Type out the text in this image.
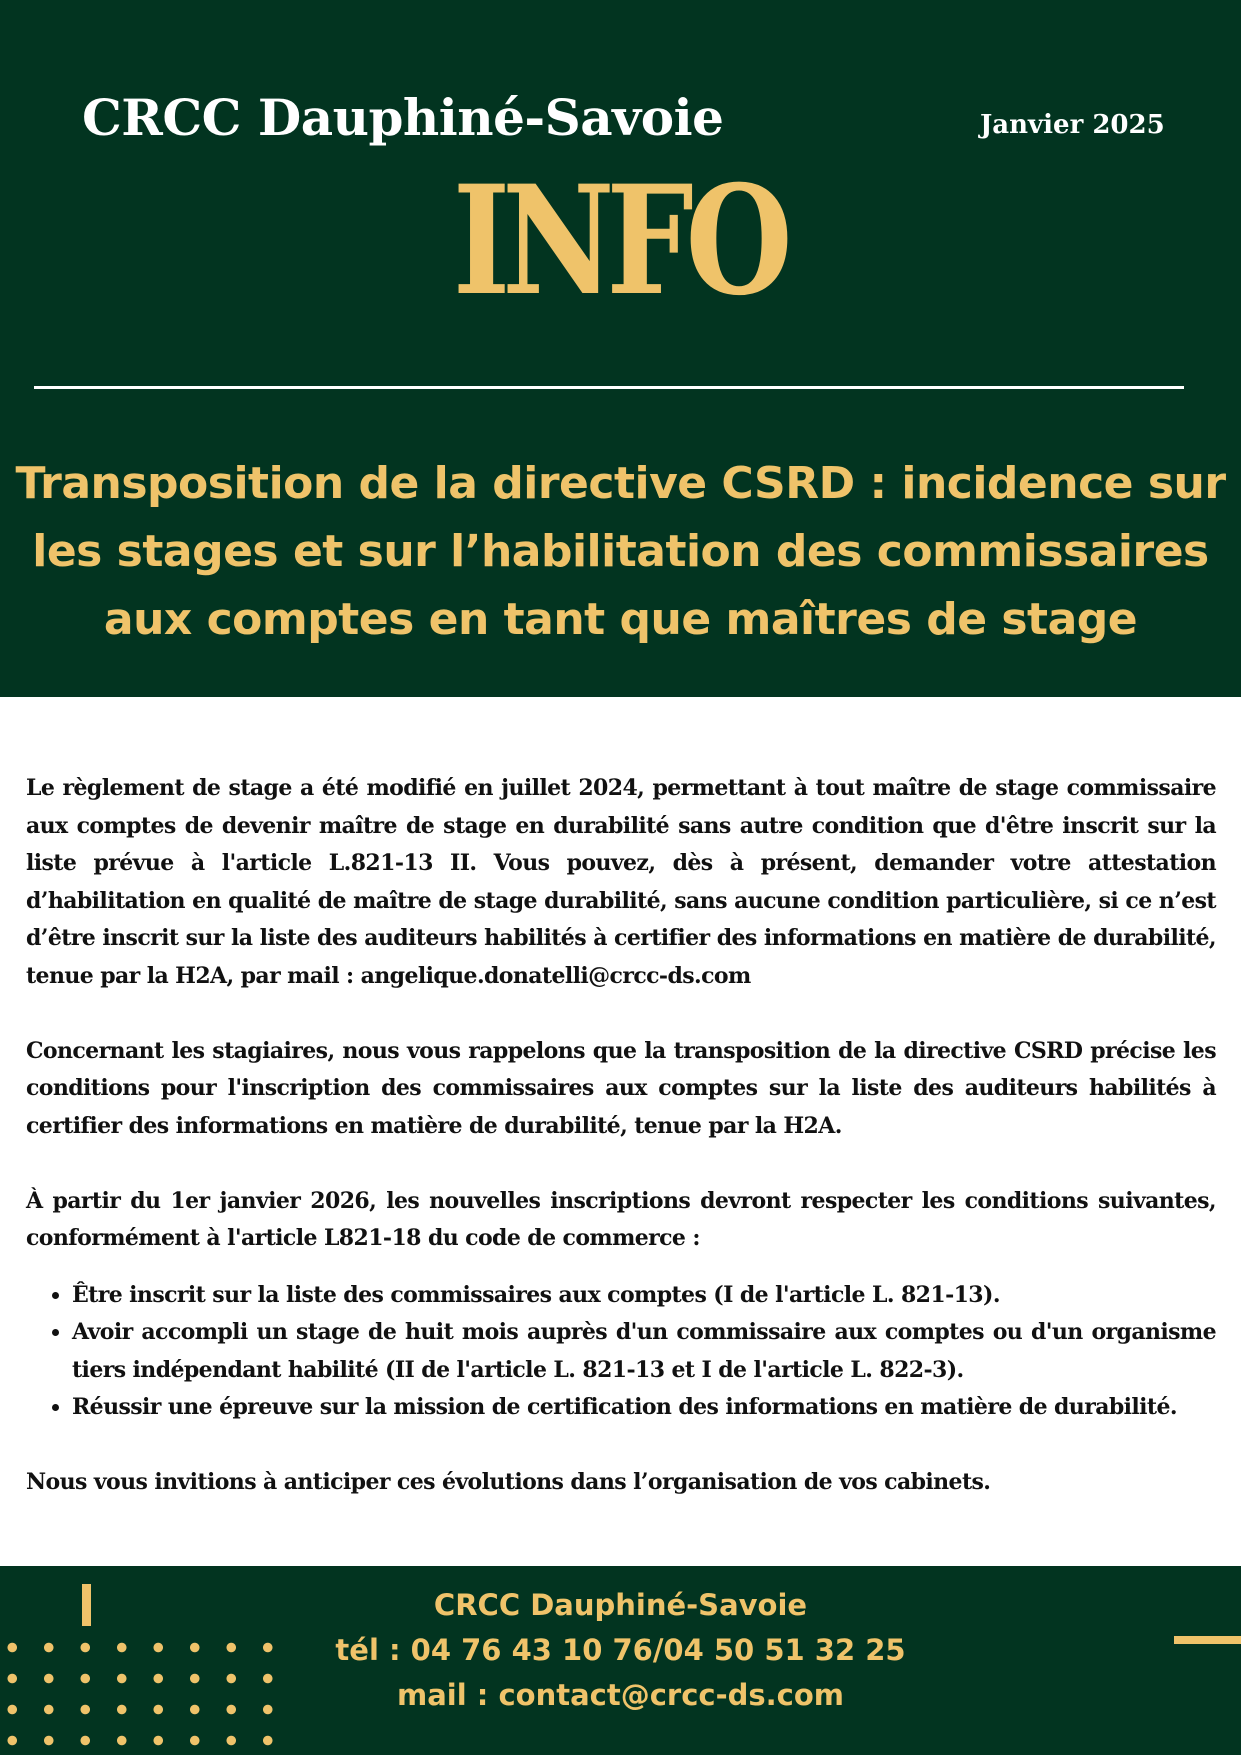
CRCC Dauphiné-Savoie	Janvier 2025
INFO
Transposition de la directive CSRD : incidence sur
les stages et sur l’habilitation des commissaires
aux comptes en tant que maîtres de stage

Le règlement de stage a été modifié en juillet 2024, permettant à tout maître de stage commissaire aux comptes de devenir maître de stage en durabilité sans autre condition que d'être inscrit sur la liste prévue à l'article L.821-13 II. Vous pouvez, dès à présent, demander votre attestation d’habilitation en qualité de maître de stage durabilité, sans aucune condition particulière, si ce n’est d’être inscrit sur la liste des auditeurs habilités à certifier des informations en matière de durabilité, tenue par la H2A, par mail : angelique.donatelli@crcc-ds.com

Concernant les stagiaires, nous vous rappelons que la transposition de la directive CSRD précise les conditions pour l'inscription des commissaires aux comptes sur la liste des auditeurs habilités à certifier des informations en matière de durabilité, tenue par la H2A.

À partir du 1er janvier 2026, les nouvelles inscriptions devront respecter les conditions suivantes, conformément à l'article L821-18 du code de commerce :

• Être inscrit sur la liste des commissaires aux comptes (I de l'article L. 821-13).
• Avoir accompli un stage de huit mois auprès d'un commissaire aux comptes ou d'un organisme tiers indépendant habilité (II de l'article L. 821-13 et I de l'article L. 822-3).
• Réussir une épreuve sur la mission de certification des informations en matière de durabilité.

Nous vous invitions à anticiper ces évolutions dans l’organisation de vos cabinets.

CRCC Dauphiné-Savoie
tél : 04 76 43 10 76/04 50 51 32 25
mail : contact@crcc-ds.com
